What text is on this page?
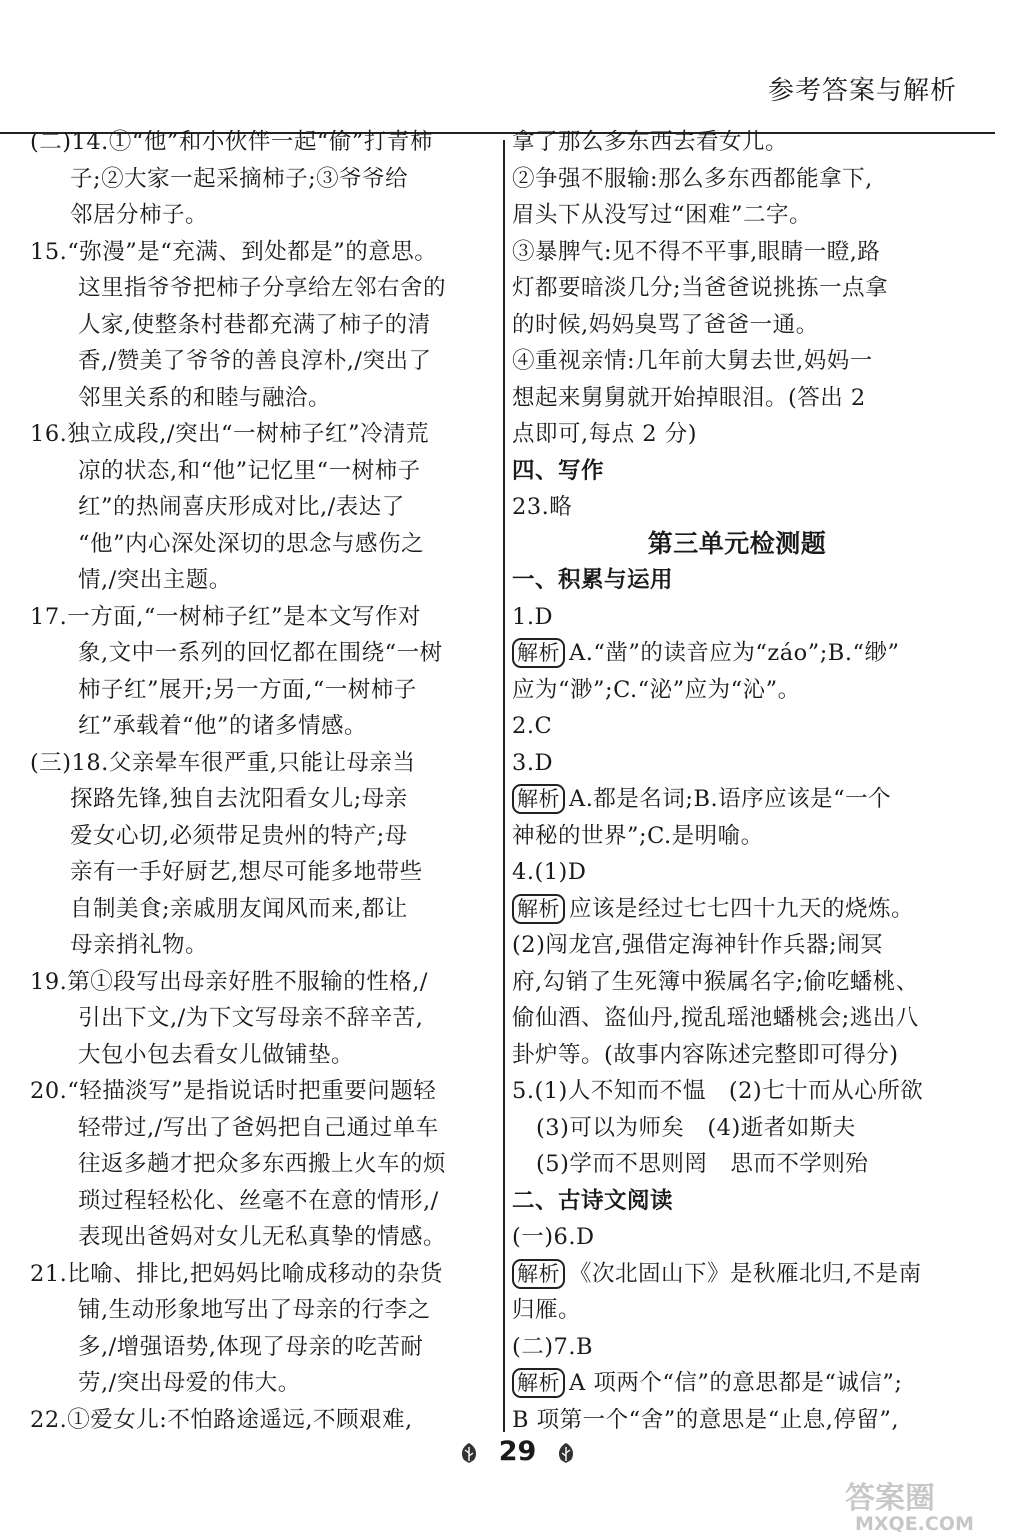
参考答案与解析
(二)14.①“他”和小伙伴一起“偷”打青柿
子;②大家一起采摘柿子;③爷爷给
邻居分柿子。
15.“弥漫”是“充满、到处都是”的意思。
这里指爷爷把柿子分享给左邻右舍的
人家,使整条村巷都充满了柿子的清
香,/赞美了爷爷的善良淳朴,/突出了
邻里关系的和睦与融洽。
16.独立成段,/突出“一树柿子红”冷清荒
凉的状态,和“他”记忆里“一树柿子
红”的热闹喜庆形成对比,/表达了
“他”内心深处深切的思念与感伤之
情,/突出主题。
17.一方面,“一树柿子红”是本文写作对
象,文中一系列的回忆都在围绕“一树
柿子红”展开;另一方面,“一树柿子
红”承载着“他”的诸多情感。
(三)18.父亲晕车很严重,只能让母亲当
探路先锋,独自去沈阳看女儿;母亲
爱女心切,必须带足贵州的特产;母
亲有一手好厨艺,想尽可能多地带些
自制美食;亲戚朋友闻风而来,都让
母亲捎礼物。
19.第①段写出母亲好胜不服输的性格,/
引出下文,/为下文写母亲不辞辛苦,
大包小包去看女儿做铺垫。
20.“轻描淡写”是指说话时把重要问题轻
轻带过,/写出了爸妈把自己通过单车
往返多趟才把众多东西搬上火车的烦
琐过程轻松化、丝毫不在意的情形,/
表现出爸妈对女儿无私真挚的情感。
21.比喻、排比,把妈妈比喻成移动的杂货
铺,生动形象地写出了母亲的行李之
多,/增强语势,体现了母亲的吃苦耐
劳,/突出母爱的伟大。
22.①爱女儿:不怕路途遥远,不顾艰难,
拿了那么多东西去看女儿。
②争强不服输:那么多东西都能拿下,
眉头下从没写过“困难”二字。
③暴脾气:见不得不平事,眼睛一瞪,路
灯都要暗淡几分;当爸爸说挑拣一点拿
的时候,妈妈臭骂了爸爸一通。
④重视亲情:几年前大舅去世,妈妈一
想起来舅舅就开始掉眼泪。(答出 2
点即可,每点 2 分)
四、写作
23.略
第三单元检测题
一、积累与运用
1.D
解析 A.“凿”的读音应为“záo”;B.“缈”
应为“渺”;C.“泌”应为“沁”。
2.C
3.D
解析 A.都是名词;B.语序应该是“一个
神秘的世界”;C.是明喻。
4.(1)D
解析 应该是经过七七四十九天的烧炼。
(2)闯龙宫,强借定海神针作兵器;闹冥
府,勾销了生死簿中猴属名字;偷吃蟠桃、
偷仙酒、盗仙丹,搅乱瑶池蟠桃会;逃出八
卦炉等。(故事内容陈述完整即可得分)
5.(1)人不知而不愠　(2)七十而从心所欲
(3)可以为师矣　(4)逝者如斯夫
(5)学而不思则罔　思而不学则殆
二、古诗文阅读
(一)6.D
解析 《次北固山下》是秋雁北归,不是南
归雁。
(二)7.B
解析 A 项两个“信”的意思都是“诚信”;
B 项第一个“舍”的意思是“止息,停留”,
29
答案圈
MXQE.COM
